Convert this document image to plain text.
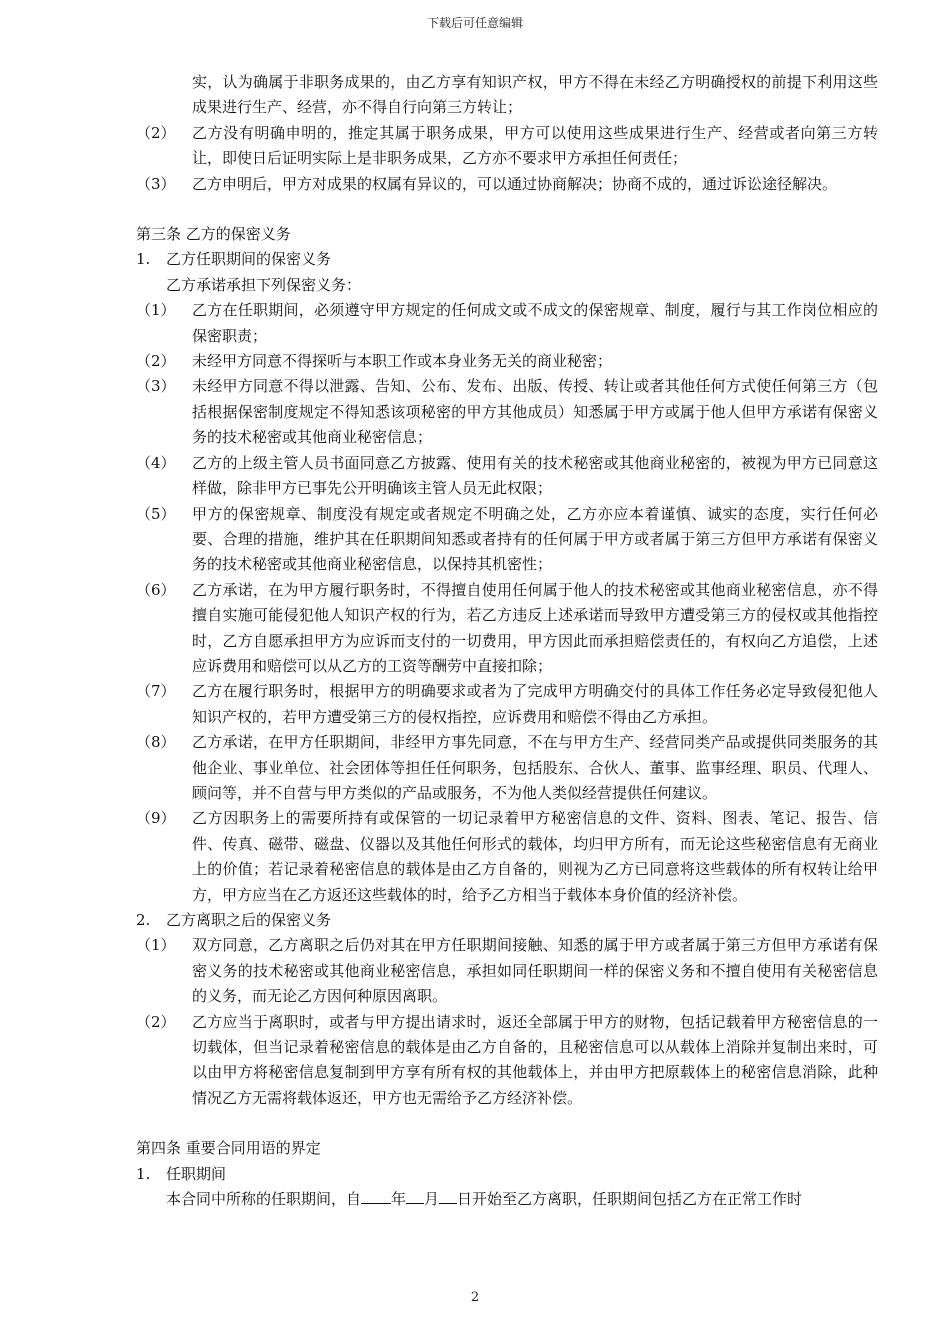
下载后可任意编辑
实，认为确属于非职务成果的，由乙方享有知识产权，甲方不得在未经乙方明确授权的前提下利用这些成果进行生产、经营，亦不得自行向第三方转让；
（2）	乙方没有明确申明的，推定其属于职务成果，甲方可以使用这些成果进行生产、经营或者向第三方转让，即使日后证明实际上是非职务成果，乙方亦不要求甲方承担任何责任；
（3）	乙方申明后，甲方对成果的权属有异议的，可以通过协商解决；协商不成的，通过诉讼途径解决。
第三条 乙方的保密义务
1.	乙方任职期间的保密义务
乙方承诺承担下列保密义务：
（1）	乙方在任职期间，必须遵守甲方规定的任何成文或不成文的保密规章、制度，履行与其工作岗位相应的保密职责；
（2）	未经甲方同意不得探听与本职工作或本身业务无关的商业秘密；
（3）	未经甲方同意不得以泄露、告知、公布、发布、出版、传授、转让或者其他任何方式使任何第三方（包括根据保密制度规定不得知悉该项秘密的甲方其他成员）知悉属于甲方或属于他人但甲方承诺有保密义务的技术秘密或其他商业秘密信息；
（4）	乙方的上级主管人员书面同意乙方披露、使用有关的技术秘密或其他商业秘密的，被视为甲方已同意这样做，除非甲方已事先公开明确该主管人员无此权限；
（5）	甲方的保密规章、制度没有规定或者规定不明确之处，乙方亦应本着谨慎、诚实的态度，实行任何必要、合理的措施，维护其在任职期间知悉或者持有的任何属于甲方或者属于第三方但甲方承诺有保密义务的技术秘密或其他商业秘密信息，以保持其机密性；
（6）	乙方承诺，在为甲方履行职务时，不得擅自使用任何属于他人的技术秘密或其他商业秘密信息，亦不得擅自实施可能侵犯他人知识产权的行为，若乙方违反上述承诺而导致甲方遭受第三方的侵权或其他指控时，乙方自愿承担甲方为应诉而支付的一切费用，甲方因此而承担赔偿责任的，有权向乙方追偿，上述应诉费用和赔偿可以从乙方的工资等酬劳中直接扣除；
（7）	乙方在履行职务时，根据甲方的明确要求或者为了完成甲方明确交付的具体工作任务必定导致侵犯他人知识产权的，若甲方遭受第三方的侵权指控，应诉费用和赔偿不得由乙方承担。
（8）	乙方承诺，在甲方任职期间，非经甲方事先同意，不在与甲方生产、经营同类产品或提供同类服务的其他企业、事业单位、社会团体等担任任何职务，包括股东、合伙人、董事、监事经理、职员、代理人、顾问等，并不自营与甲方类似的产品或服务，不为他人类似经营提供任何建议。
（9）	乙方因职务上的需要所持有或保管的一切记录着甲方秘密信息的文件、资料、图表、笔记、报告、信件、传真、磁带、磁盘、仪器以及其他任何形式的载体，均归甲方所有，而无论这些秘密信息有无商业上的价值；若记录着秘密信息的载体是由乙方自备的，则视为乙方已同意将这些载体的所有权转让给甲方，甲方应当在乙方返还这些载体的时，给予乙方相当于载体本身价值的经济补偿。
2.	乙方离职之后的保密义务
（1）	双方同意，乙方离职之后仍对其在甲方任职期间接触、知悉的属于甲方或者属于第三方但甲方承诺有保密义务的技术秘密或其他商业秘密信息，承担如同任职期间一样的保密义务和不擅自使用有关秘密信息的义务，而无论乙方因何种原因离职。
（2）	乙方应当于离职时，或者与甲方提出请求时，返还全部属于甲方的财物，包括记载着甲方秘密信息的一切载体，但当记录着秘密信息的载体是由乙方自备的，且秘密信息可以从载体上消除并复制出来时，可以由甲方将秘密信息复制到甲方享有所有权的其他载体上，并由甲方把原载体上的秘密信息消除，此种情况乙方无需将载体返还，甲方也无需给予乙方经济补偿。
第四条 重要合同用语的界定
1.	任职期间
本合同中所称的任职期间，自 年 月 日开始至乙方离职，任职期间包括乙方在正常工作时
2
